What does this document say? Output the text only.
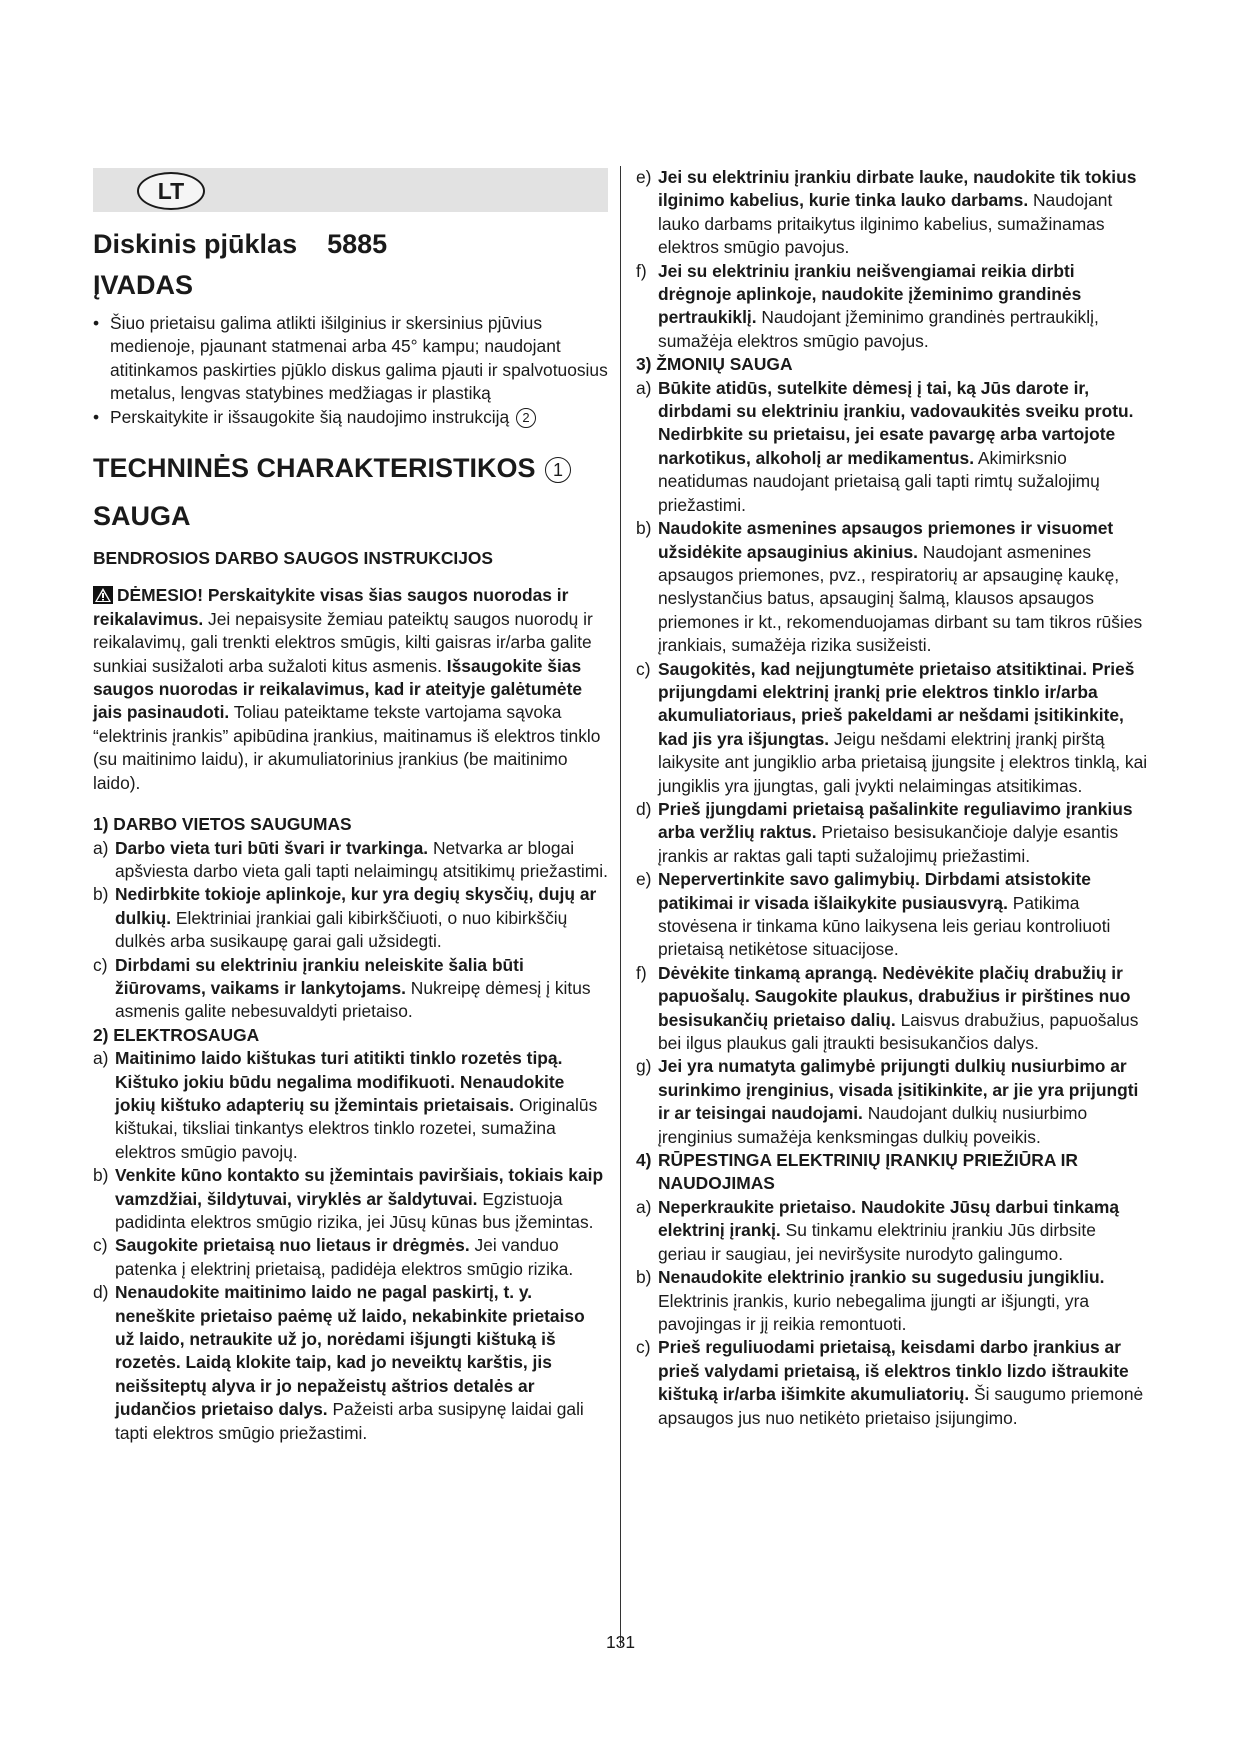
LT
Diskinis pjūklas 5885
ĮVADAS
• Šiuo prietaisu galima atlikti išilginius ir skersinius pjūvius medienoje, pjaunant statmenai arba 45° kampu; naudojant atitinkamos paskirties pjūklo diskus galima pjauti ir spalvotuosius metalus, lengvas statybines medžiagas ir plastiką
• Perskaitykite ir išsaugokite šią naudojimo instrukciją 2
TECHNINĖS CHARAKTERISTIKOS 1
SAUGA
BENDROSIOS DARBO SAUGOS INSTRUKCIJOS

DĖMESIO! Perskaitykite visas šias saugos nuorodas ir reikalavimus. Jei nepaisysite žemiau pateiktų saugos nuorodų ir reikalavimų, gali trenkti elektros smūgis, kilti gaisras ir/arba galite sunkiai susižaloti arba sužaloti kitus asmenis. Išsaugokite šias saugos nuorodas ir reikalavimus, kad ir ateityje galėtumėte jais pasinaudoti. Toliau pateiktame tekste vartojama sąvoka “elektrinis įrankis” apibūdina įrankius, maitinamus iš elektros tinklo (su maitinimo laidu), ir akumuliatorinius įrankius (be maitinimo laido).

1) DARBO VIETOS SAUGUMAS
a) Darbo vieta turi būti švari ir tvarkinga. Netvarka ar blogai apšviesta darbo vieta gali tapti nelaimingų atsitikimų priežastimi.
b) Nedirbkite tokioje aplinkoje, kur yra degių skysčių, dujų ar dulkių. Elektriniai įrankiai gali kibirkščiuoti, o nuo kibirkščių dulkės arba susikaupę garai gali užsidegti.
c) Dirbdami su elektriniu įrankiu neleiskite šalia būti žiūrovams, vaikams ir lankytojams. Nukreipę dėmesį į kitus asmenis galite nebesuvaldyti prietaiso.
2) ELEKTROSAUGA
a) Maitinimo laido kištukas turi atitikti tinklo rozetės tipą. Kištuko jokiu būdu negalima modifikuoti. Nenaudokite jokių kištuko adapterių su įžemintais prietaisais. Originalūs kištukai, tiksliai tinkantys elektros tinklo rozetei, sumažina elektros smūgio pavojų.
b) Venkite kūno kontakto su įžemintais paviršiais, tokiais kaip vamzdžiai, šildytuvai, viryklės ar šaldytuvai. Egzistuoja padidinta elektros smūgio rizika, jei Jūsų kūnas bus įžemintas.
c) Saugokite prietaisą nuo lietaus ir drėgmės. Jei vanduo patenka į elektrinį prietaisą, padidėja elektros smūgio rizika.
d) Nenaudokite maitinimo laido ne pagal paskirtį, t. y. neneškite prietaiso paėmę už laido, nekabinkite prietaiso už laido, netraukite už jo, norėdami išjungti kištuką iš rozetės. Laidą klokite taip, kad jo neveiktų karštis, jis neišsiteptų alyva ir jo nepažeistų aštrios detalės ar judančios prietaiso dalys. Pažeisti arba susipynę laidai gali tapti elektros smūgio priežastimi.
e) Jei su elektriniu įrankiu dirbate lauke, naudokite tik tokius ilginimo kabelius, kurie tinka lauko darbams. Naudojant lauko darbams pritaikytus ilginimo kabelius, sumažinamas elektros smūgio pavojus.
f) Jei su elektriniu įrankiu neišvengiamai reikia dirbti drėgnoje aplinkoje, naudokite įžeminimo grandinės pertraukiklį. Naudojant įžeminimo grandinės pertraukiklį, sumažėja elektros smūgio pavojus.
3) ŽMONIŲ SAUGA
a) Būkite atidūs, sutelkite dėmesį į tai, ką Jūs darote ir, dirbdami su elektriniu įrankiu, vadovaukitės sveiku protu. Nedirbkite su prietaisu, jei esate pavargę arba vartojote narkotikus, alkoholį ar medikamentus. Akimirksnio neatidumas naudojant prietaisą gali tapti rimtų sužalojimų priežastimi.
b) Naudokite asmenines apsaugos priemones ir visuomet užsidėkite apsauginius akinius. Naudojant asmenines apsaugos priemones, pvz., respiratorių ar apsauginę kaukę, neslystančius batus, apsauginį šalmą, klausos apsaugos priemones ir kt., rekomenduojamas dirbant su tam tikros rūšies įrankiais, sumažėja rizika susižeisti.
c) Saugokitės, kad neįjungtumėte prietaiso atsitiktinai. Prieš prijungdami elektrinį įrankį prie elektros tinklo ir/arba akumuliatoriaus, prieš pakeldami ar nešdami įsitikinkite, kad jis yra išjungtas. Jeigu nešdami elektrinį įrankį pirštą laikysite ant jungiklio arba prietaisą įjungsite į elektros tinklą, kai jungiklis yra įjungtas, gali įvykti nelaimingas atsitikimas.
d) Prieš įjungdami prietaisą pašalinkite reguliavimo įrankius arba veržlių raktus. Prietaiso besisukančioje dalyje esantis įrankis ar raktas gali tapti sužalojimų priežastimi.
e) Nepervertinkite savo galimybių. Dirbdami atsistokite patikimai ir visada išlaikykite pusiausvyrą. Patikima stovėsena ir tinkama kūno laikysena leis geriau kontroliuoti prietaisą netikėtose situacijose.
f) Dėvėkite tinkamą aprangą. Nedėvėkite plačių drabužių ir papuošalų. Saugokite plaukus, drabužius ir pirštines nuo besisukančių prietaiso dalių. Laisvus drabužius, papuošalus bei ilgus plaukus gali įtraukti besisukančios dalys.
g) Jei yra numatyta galimybė prijungti dulkių nusiurbimo ar surinkimo įrenginius, visada įsitikinkite, ar jie yra prijungti ir ar teisingai naudojami. Naudojant dulkių nusiurbimo įrenginius sumažėja kenksmingas dulkių poveikis.
4) RŪPESTINGA ELEKTRINIŲ ĮRANKIŲ PRIEŽIŪRA IR NAUDOJIMAS
a) Neperkraukite prietaiso. Naudokite Jūsų darbui tinkamą elektrinį įrankį. Su tinkamu elektriniu įrankiu Jūs dirbsite geriau ir saugiau, jei neviršysite nurodyto galingumo.
b) Nenaudokite elektrinio įrankio su sugedusiu jungikliu. Elektrinis įrankis, kurio nebegalima įjungti ar išjungti, yra pavojingas ir jį reikia remontuoti.
c) Prieš reguliuodami prietaisą, keisdami darbo įrankius ar prieš valydami prietaisą, iš elektros tinklo lizdo ištraukite kištuką ir/arba išimkite akumuliatorių. Ši saugumo priemonė apsaugos jus nuo netikėto prietaiso įsijungimo.
131
